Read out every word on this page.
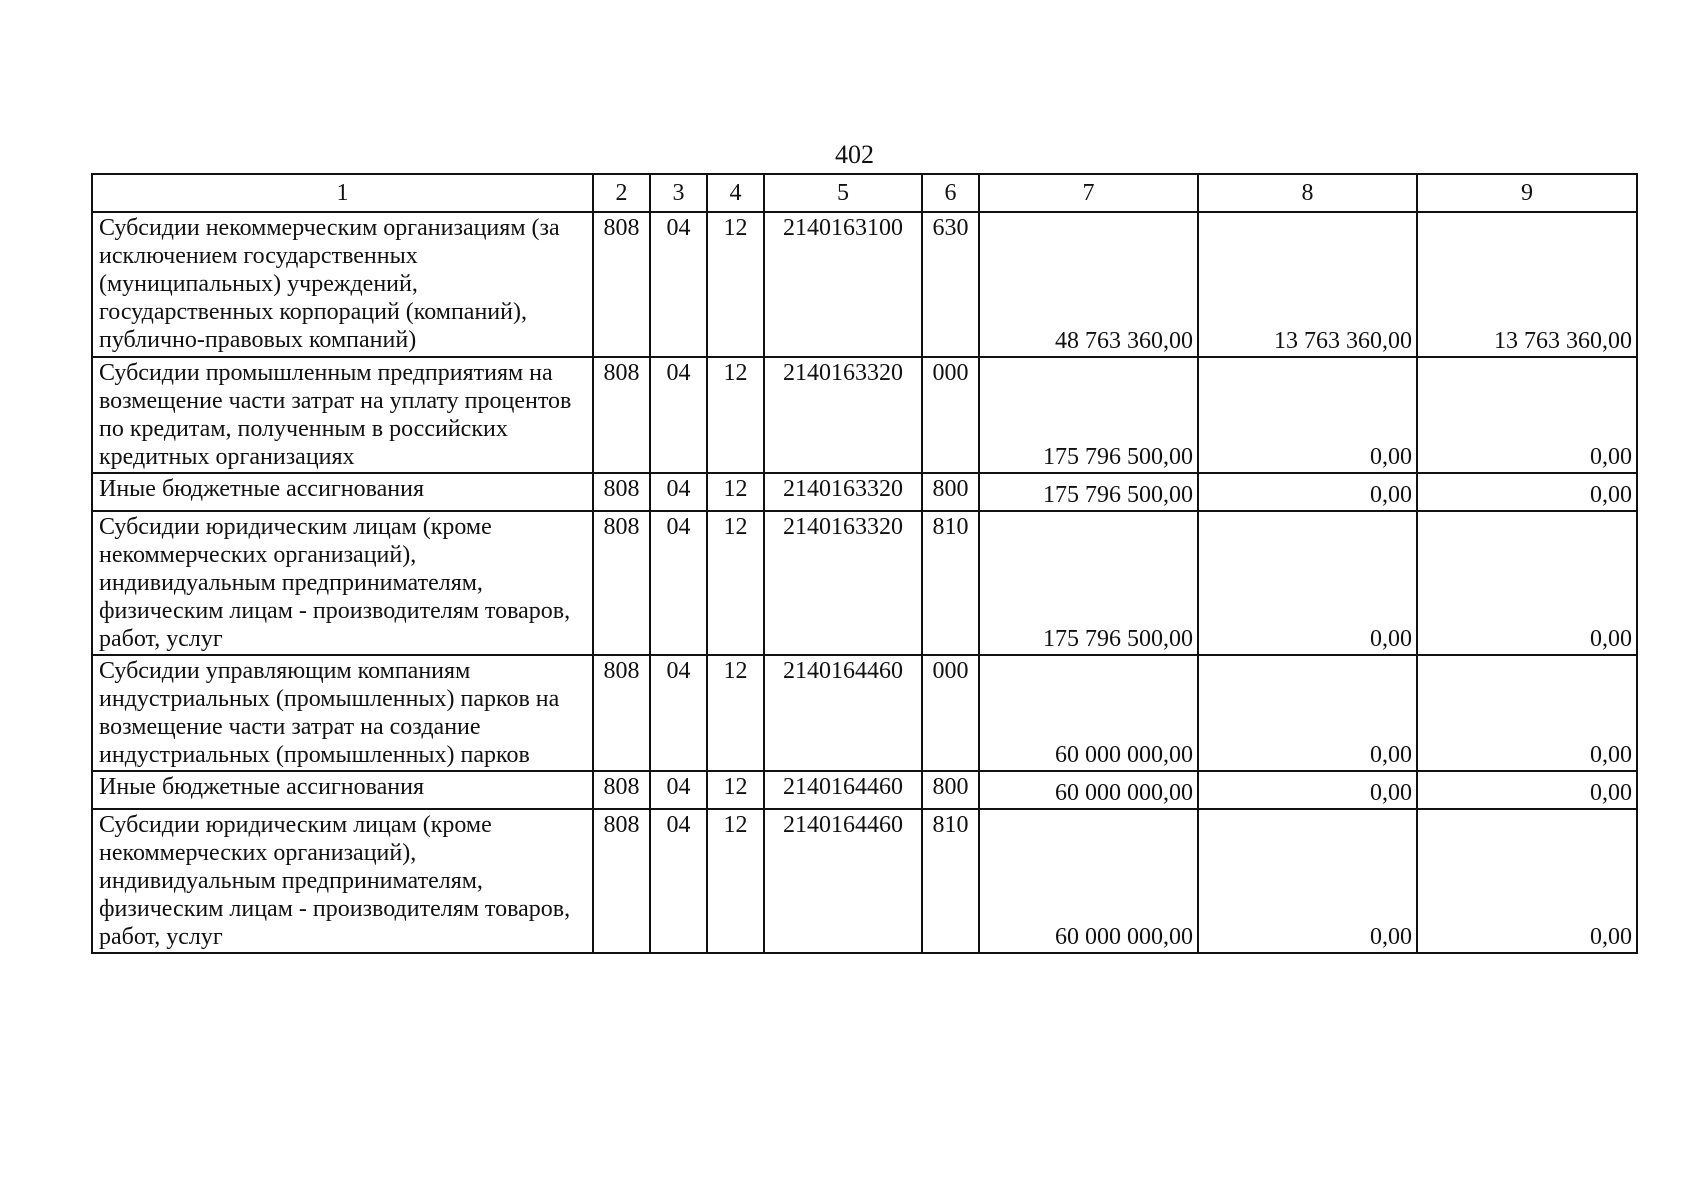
402
1	2	3	4	5	6	7	8	9
Субсидии некоммерческим организациям (за исключением государственных (муниципальных) учреждений, государственных корпораций (компаний), публично-правовых компаний)	808	04	12	2140163100	630	48 763 360,00	13 763 360,00	13 763 360,00
Субсидии промышленным предприятиям на возмещение части затрат на уплату процентов по кредитам, полученным в российских кредитных организациях	808	04	12	2140163320	000	175 796 500,00	0,00	0,00
Иные бюджетные ассигнования	808	04	12	2140163320	800	175 796 500,00	0,00	0,00
Субсидии юридическим лицам (кроме некоммерческих организаций), индивидуальным предпринимателям, физическим лицам - производителям товаров, работ, услуг	808	04	12	2140163320	810	175 796 500,00	0,00	0,00
Субсидии управляющим компаниям индустриальных (промышленных) парков на возмещение части затрат на создание индустриальных (промышленных) парков	808	04	12	2140164460	000	60 000 000,00	0,00	0,00
Иные бюджетные ассигнования	808	04	12	2140164460	800	60 000 000,00	0,00	0,00
Субсидии юридическим лицам (кроме некоммерческих организаций), индивидуальным предпринимателям, физическим лицам - производителям товаров, работ, услуг	808	04	12	2140164460	810	60 000 000,00	0,00	0,00
